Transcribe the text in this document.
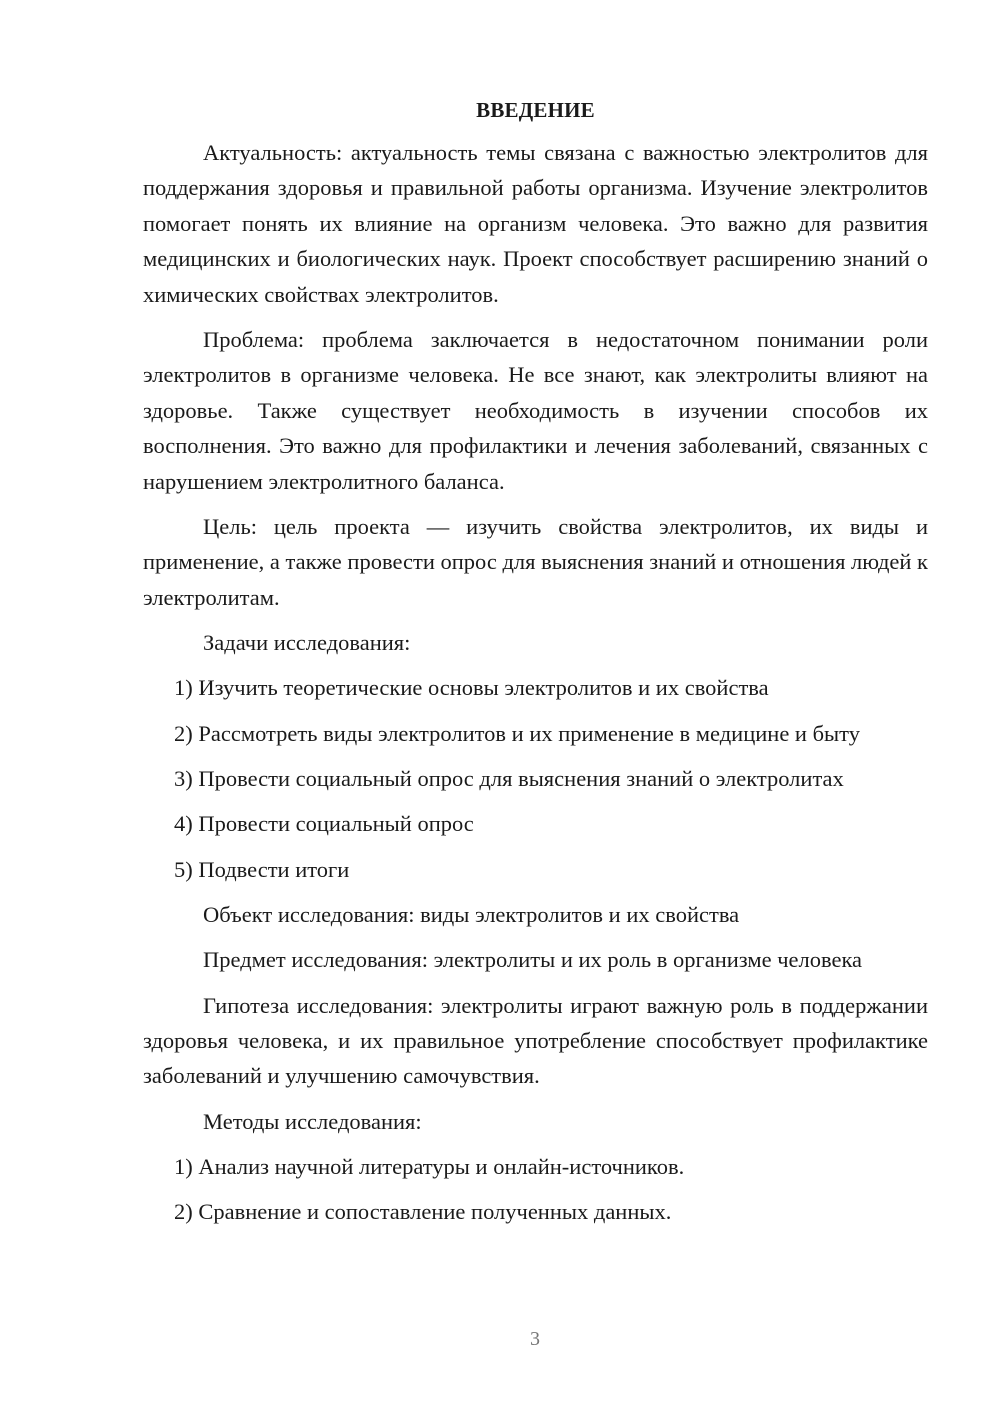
ВВЕДЕНИЕ

Актуальность: актуальность темы связана с важностью электролитов для поддержания здоровья и правильной работы организма. Изучение электролитов помогает понять их влияние на организм человека. Это важно для развития медицинских и биологических наук. Проект способствует расширению знаний о химических свойствах электролитов.

Проблема: проблема заключается в недостаточном понимании роли электролитов в организме человека. Не все знают, как электролиты влияют на здоровье. Также существует необходимость в изучении способов их восполнения. Это важно для профилактики и лечения заболеваний, связанных с нарушением электролитного баланса.

Цель: цель проекта — изучить свойства электролитов, их виды и применение, а также провести опрос для выяснения знаний и отношения людей к электролитам.

Задачи исследования:

1) Изучить теоретические основы электролитов и их свойства

2) Рассмотреть виды электролитов и их применение в медицине и быту

3) Провести социальный опрос для выяснения знаний о электролитах

4) Провести социальный опрос

5) Подвести итоги

Объект исследования: виды электролитов и их свойства

Предмет исследования: электролиты и их роль в организме человека

Гипотеза исследования: электролиты играют важную роль в поддержании здоровья человека, и их правильное употребление способствует профилактике заболеваний и улучшению самочувствия.

Методы исследования:

1) Анализ научной литературы и онлайн-источников.

2) Сравнение и сопоставление полученных данных.

3
